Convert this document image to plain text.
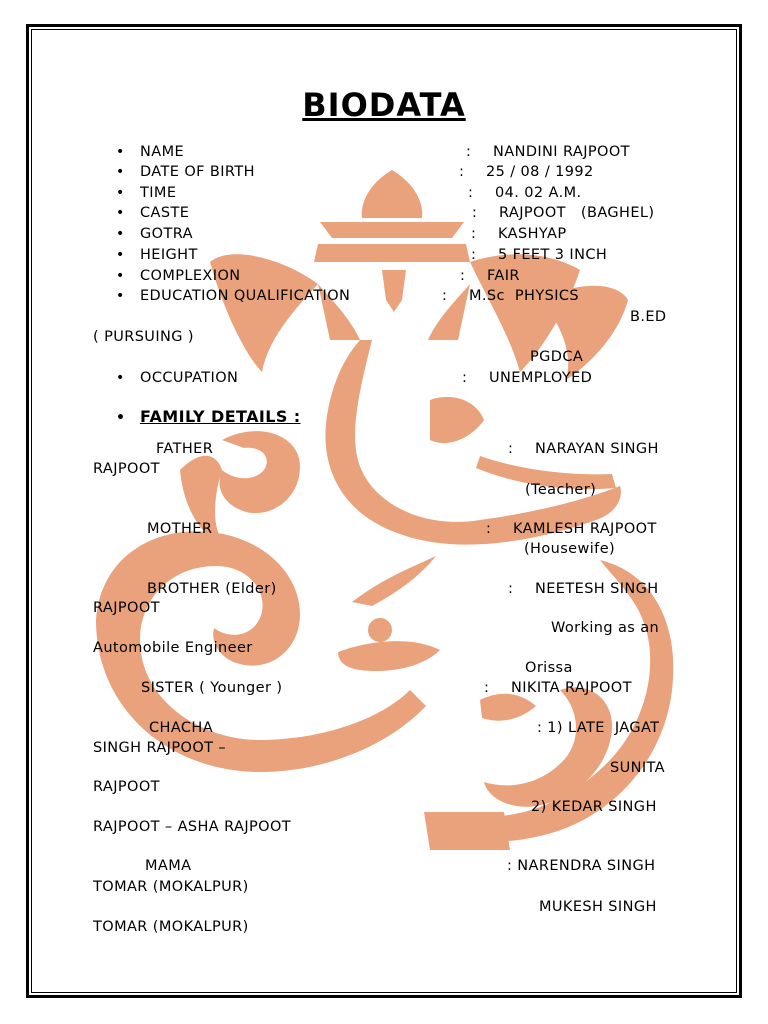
BIODATA
• NAME	: NANDINI RAJPOOT
• DATE OF BIRTH	: 25 / 08 / 1992
• TIME	: 04. 02 A.M.
• CASTE	: RAJPOOT   (BAGHEL)
• GOTRA	: KASHYAP
• HEIGHT	: 5 FEET 3 INCH
• COMPLEXION	: FAIR
• EDUCATION QUALIFICATION	: M.Sc  PHYSICS
B.ED
( PURSUING )
PGDCA
• OCCUPATION	: UNEMPLOYED
• FAMILY DETAILS :
FATHER	: NARAYAN SINGH
RAJPOOT
(Teacher)
MOTHER	: KAMLESH RAJPOOT
(Housewife)
BROTHER (Elder)	: NEETESH SINGH
RAJPOOT
Working as an
Automobile Engineer
Orissa
SISTER ( Younger )	: NIKITA RAJPOOT
CHACHA	: 1) LATE  JAGAT
SINGH RAJPOOT –
SUNITA
RAJPOOT
2) KEDAR SINGH
RAJPOOT – ASHA RAJPOOT
MAMA	: NARENDRA SINGH
TOMAR (MOKALPUR)
MUKESH SINGH
TOMAR (MOKALPUR)
